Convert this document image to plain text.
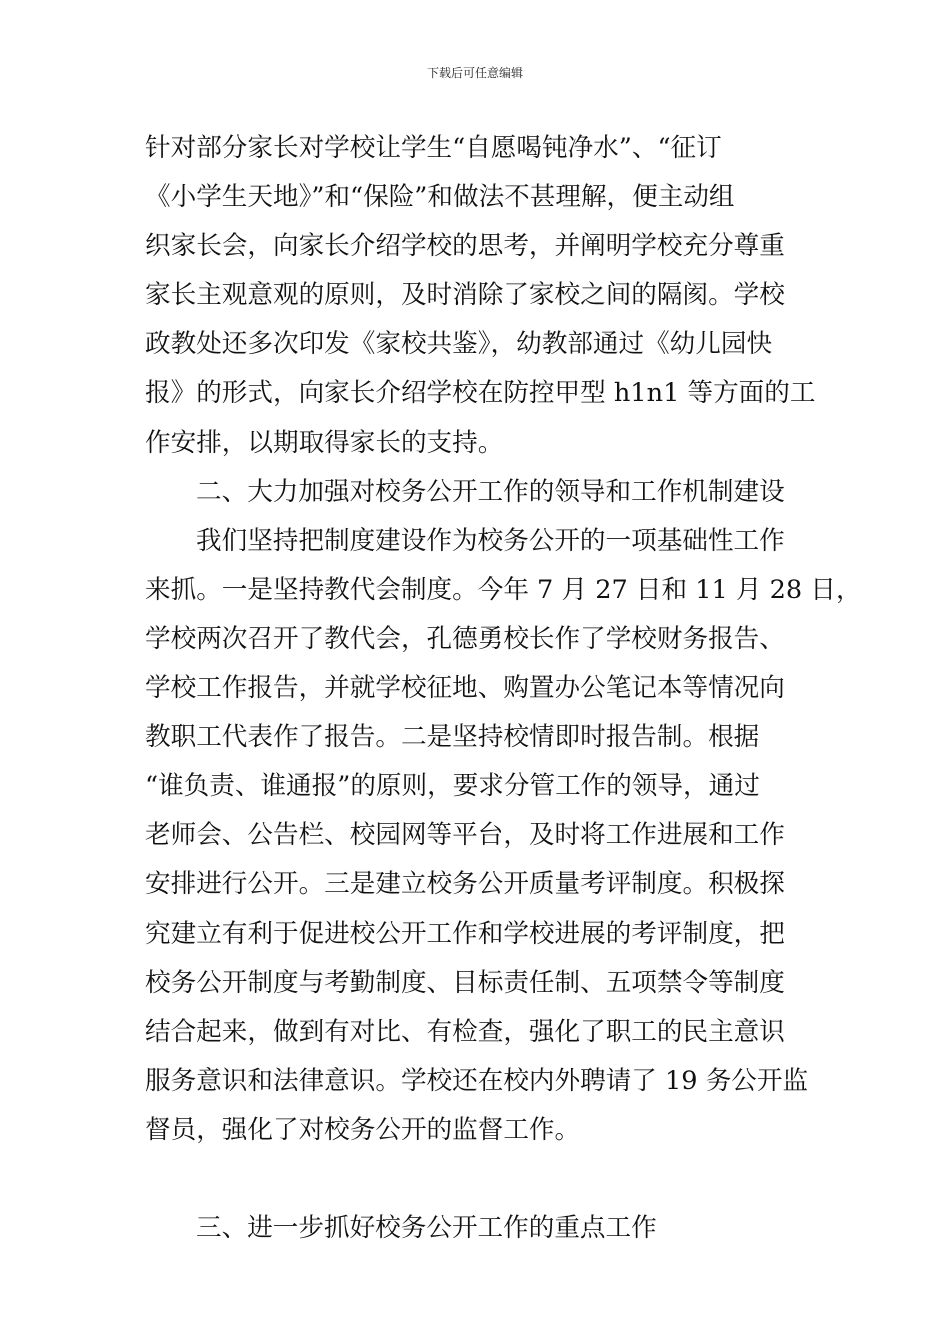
下载后可任意编辑
针对部分家长对学校让学生“自愿喝钝净水”、“征订
《小学生天地》”和“保险”和做法不甚理解，便主动组
织家长会，向家长介绍学校的思考，并阐明学校充分尊重
家长主观意观的原则，及时消除了家校之间的隔阂。学校
政教处还多次印发《家校共鉴》，幼教部通过《幼儿园快
报》的形式，向家长介绍学校在防控甲型 h1n1 等方面的工
作安排，以期取得家长的支持。
二、大力加强对校务公开工作的领导和工作机制建设
我们坚持把制度建设作为校务公开的一项基础性工作
来抓。一是坚持教代会制度。今年 7 月 27 日和 11 月 28 日，
学校两次召开了教代会，孔德勇校长作了学校财务报告、
学校工作报告，并就学校征地、购置办公笔记本等情况向
教职工代表作了报告。二是坚持校情即时报告制。根据
“谁负责、谁通报”的原则，要求分管工作的领导，通过
老师会、公告栏、校园网等平台，及时将工作进展和工作
安排进行公开。三是建立校务公开质量考评制度。积极探
究建立有利于促进校公开工作和学校进展的考评制度，把
校务公开制度与考勤制度、目标责任制、五项禁令等制度
结合起来，做到有对比、有检查，强化了职工的民主意识
服务意识和法律意识。学校还在校内外聘请了 19 务公开监
督员，强化了对校务公开的监督工作。
三、进一步抓好校务公开工作的重点工作
